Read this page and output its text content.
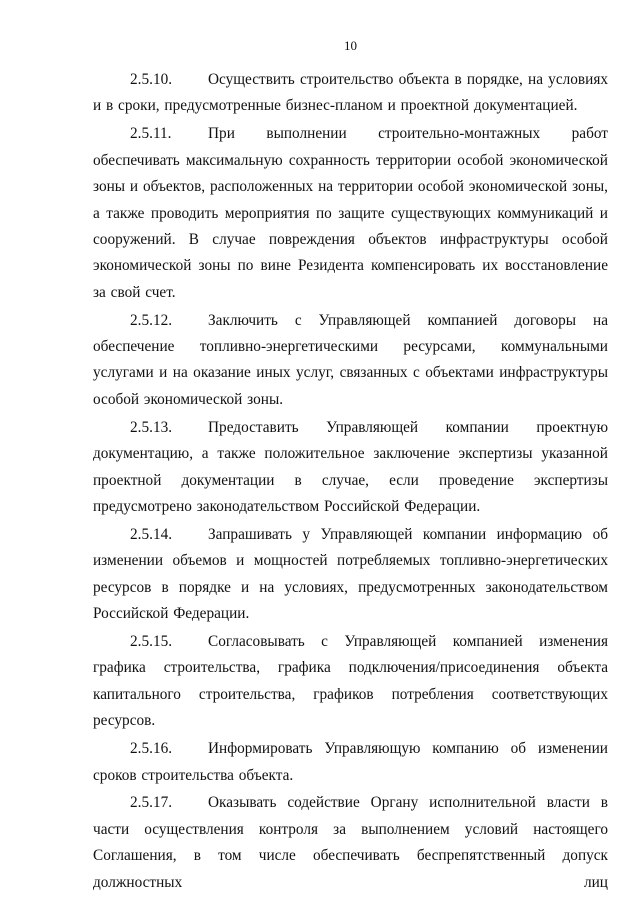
10

2.5.10. Осуществить строительство объекта в порядке, на условиях и в сроки, предусмотренные бизнес-планом и проектной документацией.

2.5.11. При выполнении строительно-монтажных работ обеспечивать максимальную сохранность территории особой экономической зоны и объектов, расположенных на территории особой экономической зоны, а также проводить мероприятия по защите существующих коммуникаций и сооружений. В случае повреждения объектов инфраструктуры особой экономической зоны по вине Резидента компенсировать их восстановление за свой счет.

2.5.12. Заключить с Управляющей компанией договоры на обеспечение топливно-энергетическими ресурсами, коммунальными услугами и на оказание иных услуг, связанных с объектами инфраструктуры особой экономической зоны.

2.5.13. Предоставить Управляющей компании проектную документацию, а также положительное заключение экспертизы указанной проектной документации в случае, если проведение экспертизы предусмотрено законодательством Российской Федерации.

2.5.14. Запрашивать у Управляющей компании информацию об изменении объемов и мощностей потребляемых топливно-энергетических ресурсов в порядке и на условиях, предусмотренных законодательством Российской Федерации.

2.5.15. Согласовывать с Управляющей компанией изменения графика строительства, графика подключения/присоединения объекта капитального строительства, графиков потребления соответствующих ресурсов.

2.5.16. Информировать Управляющую компанию об изменении сроков строительства объекта.

2.5.17. Оказывать содействие Органу исполнительной власти в части осуществления контроля за выполнением условий настоящего Соглашения, в том числе обеспечивать беспрепятственный допуск должностных лиц
